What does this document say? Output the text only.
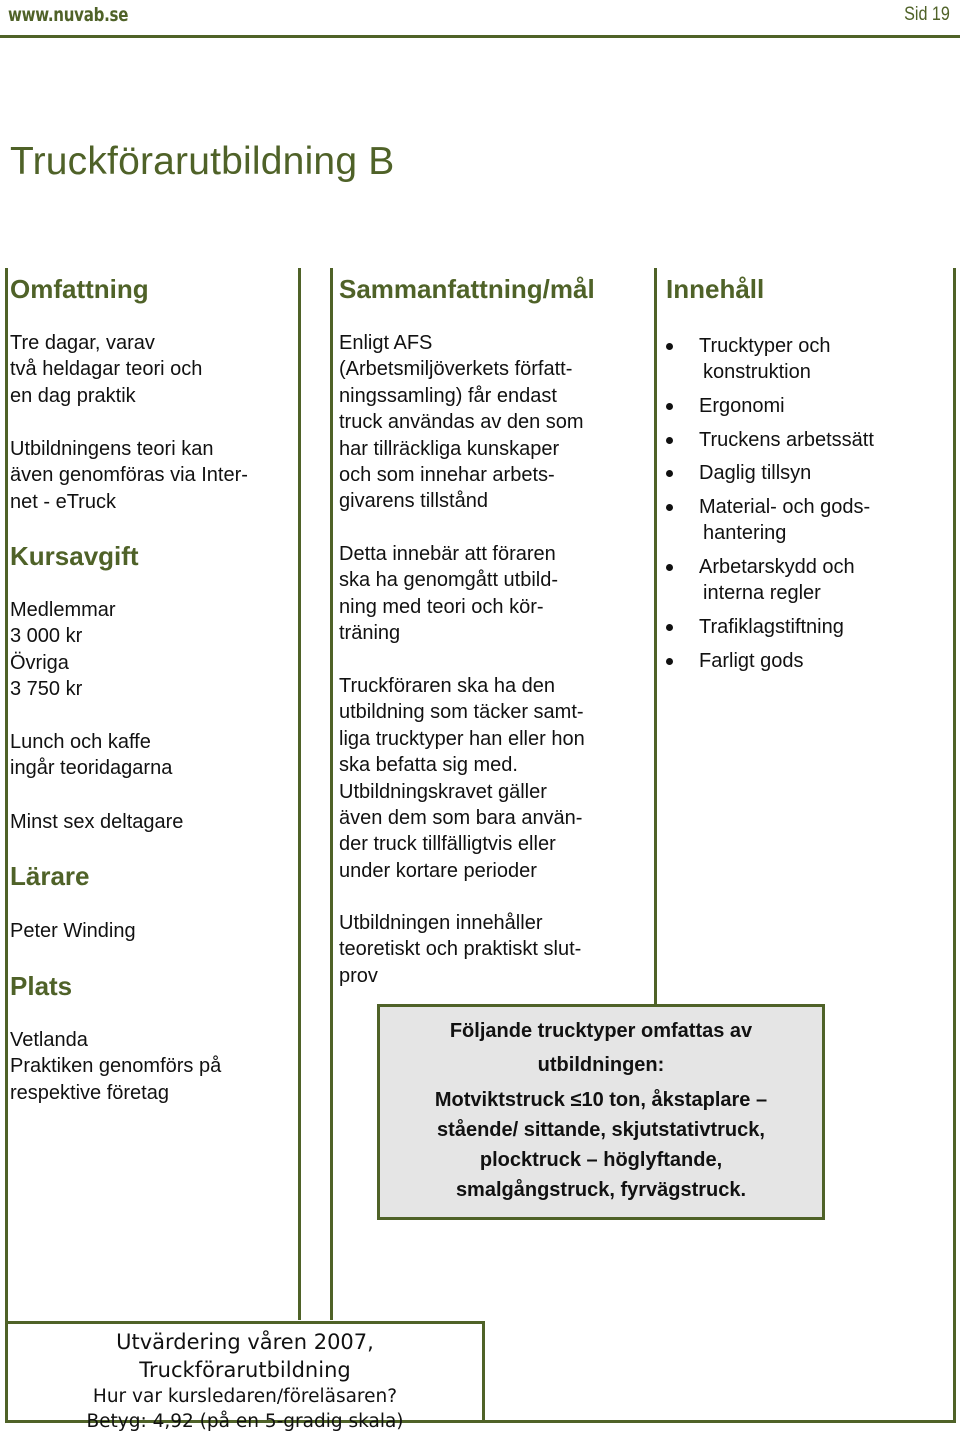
www.nuvab.se	Sid 19
Truckförarutbildning B
Omfattning
Tre dagar, varav
två heldagar teori och
en dag praktik
Utbildningens teori kan
även genomföras via Inter-
net - eTruck
Kursavgift
Medlemmar
3 000 kr
Övriga
3 750 kr
Lunch och kaffe
ingår teoridagarna
Minst sex deltagare
Lärare
Peter Winding
Plats
Vetlanda
Praktiken genomförs på
respektive företag
Sammanfattning/mål
Enligt AFS
(Arbetsmiljöverkets författ-
ningssamling) får endast
truck användas av den som
har tillräckliga kunskaper
och som innehar arbets-
givarens tillstånd
Detta innebär att föraren
ska ha genomgått utbild-
ning med teori och kör-
träning
Truckföraren ska ha den
utbildning som täcker samt-
liga trucktyper han eller hon
ska befatta sig med.
Utbildningskravet gäller
även dem som bara använ-
der truck tillfälligtvis eller
under kortare perioder
Utbildningen innehåller
teoretiskt och praktiskt slut-
prov
Innehåll
Trucktyper och
konstruktion
Ergonomi
Truckens arbetssätt
Daglig tillsyn
Material- och gods-
hantering
Arbetarskydd och
interna regler
Trafiklagstiftning
Farligt gods

Följande trucktyper omfattas av
utbildningen:

Motviktstruck ≤10 ton, åkstaplare –
stående/ sittande, skjutstativtruck,
plocktruck – höglyftande,
smalgångstruck, fyrvägstruck.

Utvärdering våren 2007, Truckförarutbildning

Hur var kursledaren/föreläsaren?

Betyg: 4,92 (på en 5-gradig skala)
